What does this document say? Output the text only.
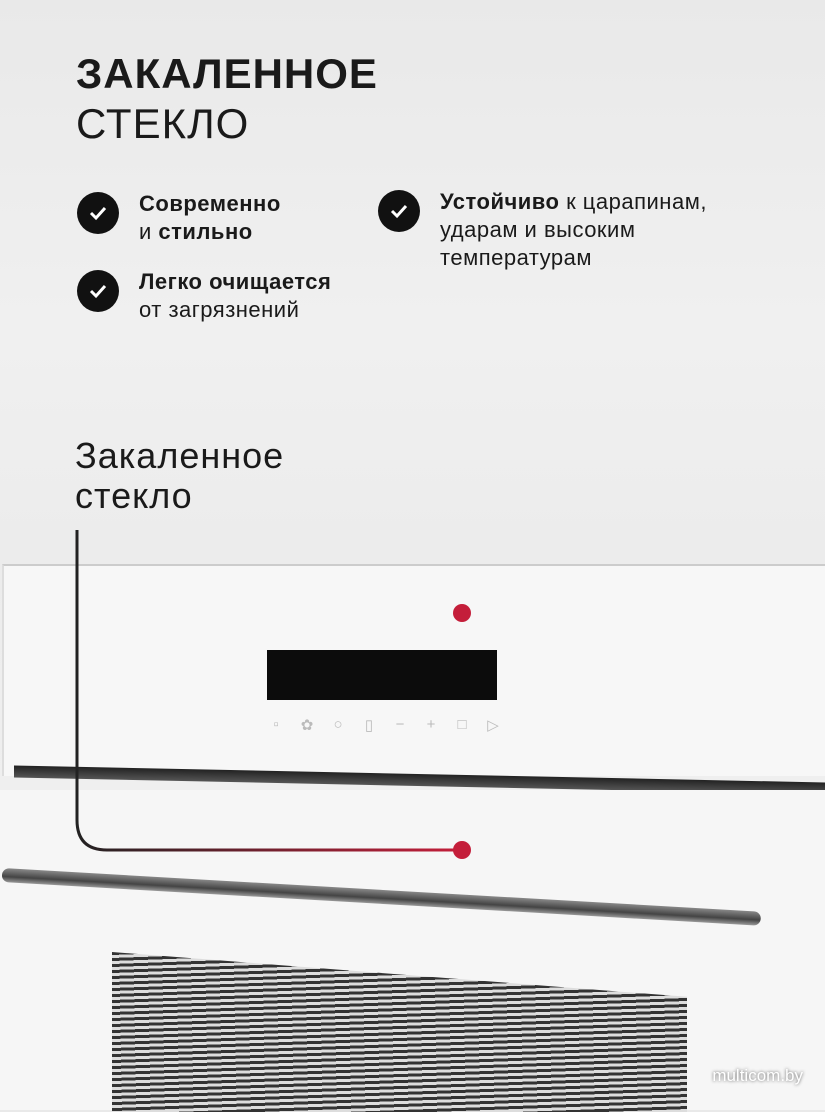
ЗАКАЛЕННОЕ
СТЕКЛО
Современно
и стильно
Легко очищается
от загрязнений
Устойчиво к царапинам,
ударам и высоким
температурам
Закаленное
стекло
▫	✿ ○ ▯ − + □ ▷
multicom.by
